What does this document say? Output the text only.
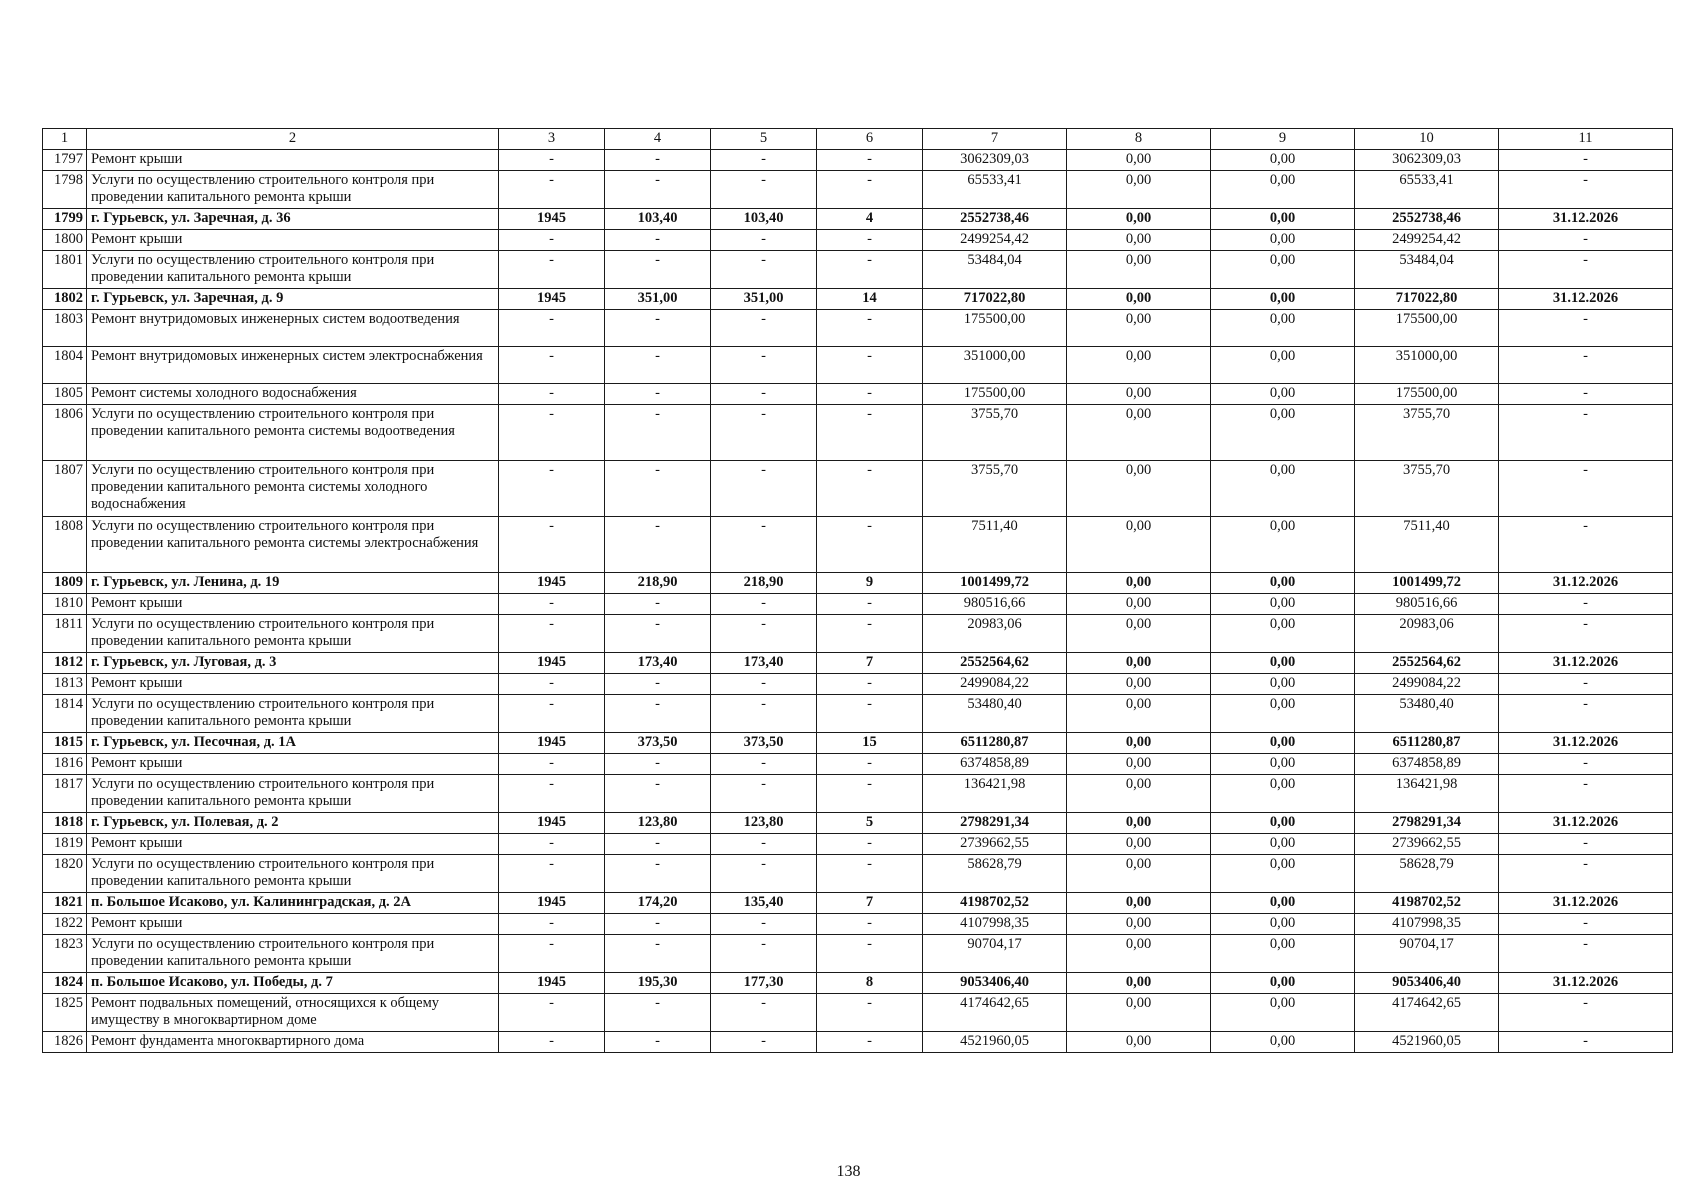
1	2	3	4	5	6	7	8	9	10	11
1797	Ремонт крыши	-	-	-	-	3062309,03	0,00	0,00	3062309,03	-
1798	Услуги по осуществлению строительного контроля при проведении капитального ремонта крыши	-	-	-	-	65533,41	0,00	0,00	65533,41	-
1799	г. Гурьевск, ул. Заречная, д. 36	1945	103,40	103,40	4	2552738,46	0,00	0,00	2552738,46	31.12.2026
1800	Ремонт крыши	-	-	-	-	2499254,42	0,00	0,00	2499254,42	-
1801	Услуги по осуществлению строительного контроля при проведении капитального ремонта крыши	-	-	-	-	53484,04	0,00	0,00	53484,04	-
1802	г. Гурьевск, ул. Заречная, д. 9	1945	351,00	351,00	14	717022,80	0,00	0,00	717022,80	31.12.2026
1803	Ремонт внутридомовых инженерных систем водоотведения	-	-	-	-	175500,00	0,00	0,00	175500,00	-
1804	Ремонт внутридомовых инженерных систем электроснабжения	-	-	-	-	351000,00	0,00	0,00	351000,00	-
1805	Ремонт системы холодного водоснабжения	-	-	-	-	175500,00	0,00	0,00	175500,00	-
1806	Услуги по осуществлению строительного контроля при проведении капитального ремонта системы водоотведения	-	-	-	-	3755,70	0,00	0,00	3755,70	-
1807	Услуги по осуществлению строительного контроля при проведении капитального ремонта системы холодного водоснабжения	-	-	-	-	3755,70	0,00	0,00	3755,70	-
1808	Услуги по осуществлению строительного контроля при проведении капитального ремонта системы электроснабжения	-	-	-	-	7511,40	0,00	0,00	7511,40	-
1809	г. Гурьевск, ул. Ленина, д. 19	1945	218,90	218,90	9	1001499,72	0,00	0,00	1001499,72	31.12.2026
1810	Ремонт крыши	-	-	-	-	980516,66	0,00	0,00	980516,66	-
1811	Услуги по осуществлению строительного контроля при проведении капитального ремонта крыши	-	-	-	-	20983,06	0,00	0,00	20983,06	-
1812	г. Гурьевск, ул. Луговая, д. 3	1945	173,40	173,40	7	2552564,62	0,00	0,00	2552564,62	31.12.2026
1813	Ремонт крыши	-	-	-	-	2499084,22	0,00	0,00	2499084,22	-
1814	Услуги по осуществлению строительного контроля при проведении капитального ремонта крыши	-	-	-	-	53480,40	0,00	0,00	53480,40	-
1815	г. Гурьевск, ул. Песочная, д. 1А	1945	373,50	373,50	15	6511280,87	0,00	0,00	6511280,87	31.12.2026
1816	Ремонт крыши	-	-	-	-	6374858,89	0,00	0,00	6374858,89	-
1817	Услуги по осуществлению строительного контроля при проведении капитального ремонта крыши	-	-	-	-	136421,98	0,00	0,00	136421,98	-
1818	г. Гурьевск, ул. Полевая, д. 2	1945	123,80	123,80	5	2798291,34	0,00	0,00	2798291,34	31.12.2026
1819	Ремонт крыши	-	-	-	-	2739662,55	0,00	0,00	2739662,55	-
1820	Услуги по осуществлению строительного контроля при проведении капитального ремонта крыши	-	-	-	-	58628,79	0,00	0,00	58628,79	-
1821	п. Большое Исаково, ул. Калининградская, д. 2А	1945	174,20	135,40	7	4198702,52	0,00	0,00	4198702,52	31.12.2026
1822	Ремонт крыши	-	-	-	-	4107998,35	0,00	0,00	4107998,35	-
1823	Услуги по осуществлению строительного контроля при проведении капитального ремонта крыши	-	-	-	-	90704,17	0,00	0,00	90704,17	-
1824	п. Большое Исаково, ул. Победы, д. 7	1945	195,30	177,30	8	9053406,40	0,00	0,00	9053406,40	31.12.2026
1825	Ремонт подвальных помещений, относящихся к общему имуществу в многоквартирном доме	-	-	-	-	4174642,65	0,00	0,00	4174642,65	-
1826	Ремонт фундамента многоквартирного дома	-	-	-	-	4521960,05	0,00	0,00	4521960,05	-
138
